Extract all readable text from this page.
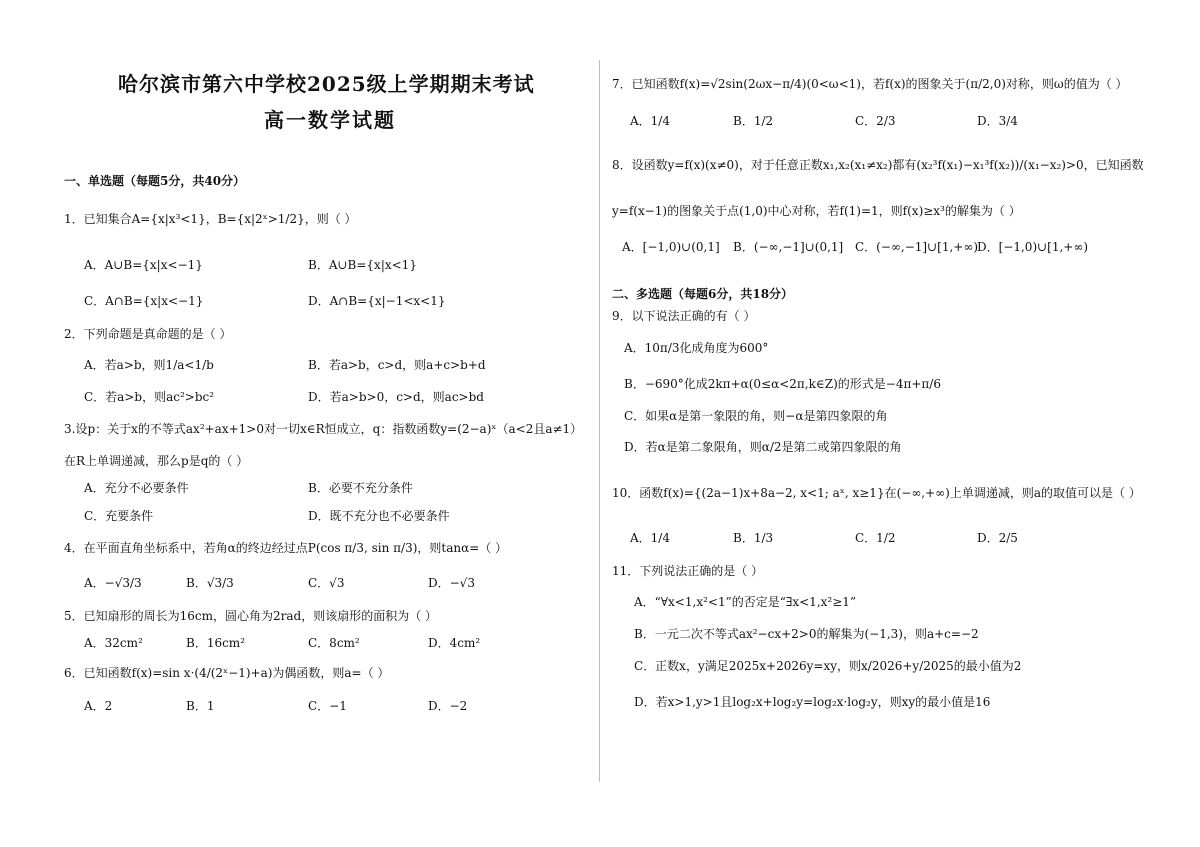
哈尔滨市第六中学校2025级上学期期末考试
高一数学试题
一、单选题（每题5分，共40分）
1．已知集合A={x|x³<1}，B={x|2ˣ>1/2}，则（ ）
A．A∪B={x|x<−1}	B．A∪B={x|x<1}
C．A∩B={x|x<−1}	D．A∩B={x|−1<x<1}
2．下列命题是真命题的是（ ）
A．若a>b，则1/a<1/b	B．若a>b，c>d，则a+c>b+d
C．若a>b，则ac²>bc²	D．若a>b>0，c>d，则ac>bd
3.设p：关于x的不等式ax²+ax+1>0对一切x∈R恒成立，q：指数函数y=(2−a)ˣ（a<2且a≠1）
在R上单调递减，那么p是q的（ ）
A．充分不必要条件	B．必要不充分条件
C．充要条件	D．既不充分也不必要条件
4．在平面直角坐标系中，若角α的终边经过点P(cos π/3, sin π/3)，则tanα=（ ）
A．−√3/3	B．√3/3	C．√3	D．−√3
5．已知扇形的周长为16cm，圆心角为2rad，则该扇形的面积为（ ）
A．32cm²	B．16cm²	C．8cm²	D．4cm²
6．已知函数f(x)=sin x·(4/(2ˣ−1)+a)为偶函数，则a=（ ）
A．2	B．1	C．−1	D．−2
7．已知函数f(x)=√2sin(2ωx−π/4)(0<ω<1)，若f(x)的图象关于(π/2,0)对称，则ω的值为（ ）
A．1/4	B．1/2	C．2/3	D．3/4
8．设函数y=f(x)(x≠0)，对于任意正数x₁,x₂(x₁≠x₂)都有(x₂³f(x₁)−x₁³f(x₂))/(x₁−x₂)>0，已知函数
y=f(x−1)的图象关于点(1,0)中心对称，若f(1)=1，则f(x)≥x³的解集为（ ）
A．[−1,0)∪(0,1] B．(−∞,−1]∪(0,1] C．(−∞,−1]∪[1,+∞)
D．[−1,0)∪[1,+∞)
二、多选题（每题6分，共18分）
9．以下说法正确的有（ ）
A．10π/3化成角度为600°
B．−690°化成2kπ+α(0≤α<2π,k∈Z)的形式是−4π+π/6
C．如果α是第一象限的角，则−α是第四象限的角
D．若α是第二象限角，则α/2是第二或第四象限的角
10．函数f(x)={(2a−1)x+8a−2, x<1; aˣ, x≥1}在(−∞,+∞)上单调递减，则a的取值可以是（ ）
A．1/4	B．1/3	C．1/2	D．2/5
11．下列说法正确的是（ ）
A．“∀x<1,x²<1”的否定是“∃x<1,x²≥1”
B．一元二次不等式ax²−cx+2>0的解集为(−1,3)，则a+c=−2
C．正数x，y满足2025x+2026y=xy，则x/2026+y/2025的最小值为2
D．若x>1,y>1且log₂x+log₂y=log₂x·log₂y，则xy的最小值是16
